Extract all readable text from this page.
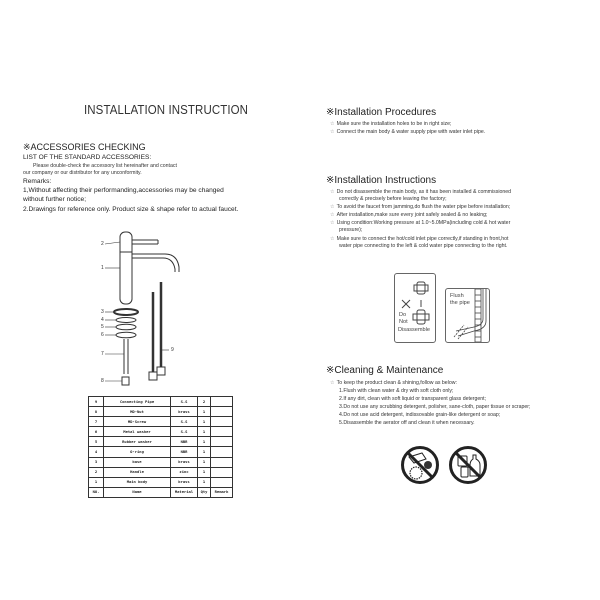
INSTALLATION INSTRUCTION
※ACCESSORIES CHECKING
LIST OF THE STANDARD ACCESSORIES:
Please double-check the accessory list hereinafter and contact
our company or our distributor for any unconformity.
Remarks:
1,Without affecting their performanding,accessories may be changed
without further notice;
2.Drawings for reference only. Product size & shape refer to actual faucet.
2
1
3
4
5
6
7
8
9
9	Connecting Pipe	S.S	2	
8	MD-Nut	brass	1	
7	MD-Screw	S.S	1	
6	Metal washer	S.S	1	
5	Rubber washer	NBR	1	
4	O-ring	NBR	1	
3	base	brass	1	
2	Handle	zinc	1	
1	Main body	brass	1	
NO.	Name	Material	Qty	Remark
※Installation Procedures
☆ Make sure the installation holes to be in right size;
☆ Connect the main body & water supply pipe with water inlet pipe.
※Installation Instructions
☆ Do not disassemble the main body, as it has been installed & commissioned
correctly & precisely before leaving the factory;
☆ To avoid the faucet from jamming,do flush the water pipe before installation;
☆ After installation,make sure every joint safely sealed & no leaking;
☆ Using condition:Working pressure at 1.0~5.0MPa(including cold & hot water
pressure);
☆ Make sure to connect the hot/cold inlet pipe correctly,if standing in front,hot
water pipe connecting to the left & cold water pipe connecting to the right.
Do
Not
Disassemble
Flush
the pipe
※Cleaning & Maintenance
☆ To keep the product clean & shining,follow as below:
1.Flush with clean water & dry with soft cloth only;
2.If any dirt, clean with soft liquid or transparent glass detergent;
3.Do not use any scrubbing detergent, polisher, sane-cloth, paper tissue or scraper;
4.Do not use acid detergent, indissovable grain-like detergent or soap;
5.Disassemble the aerator off and clean it when necessary.
